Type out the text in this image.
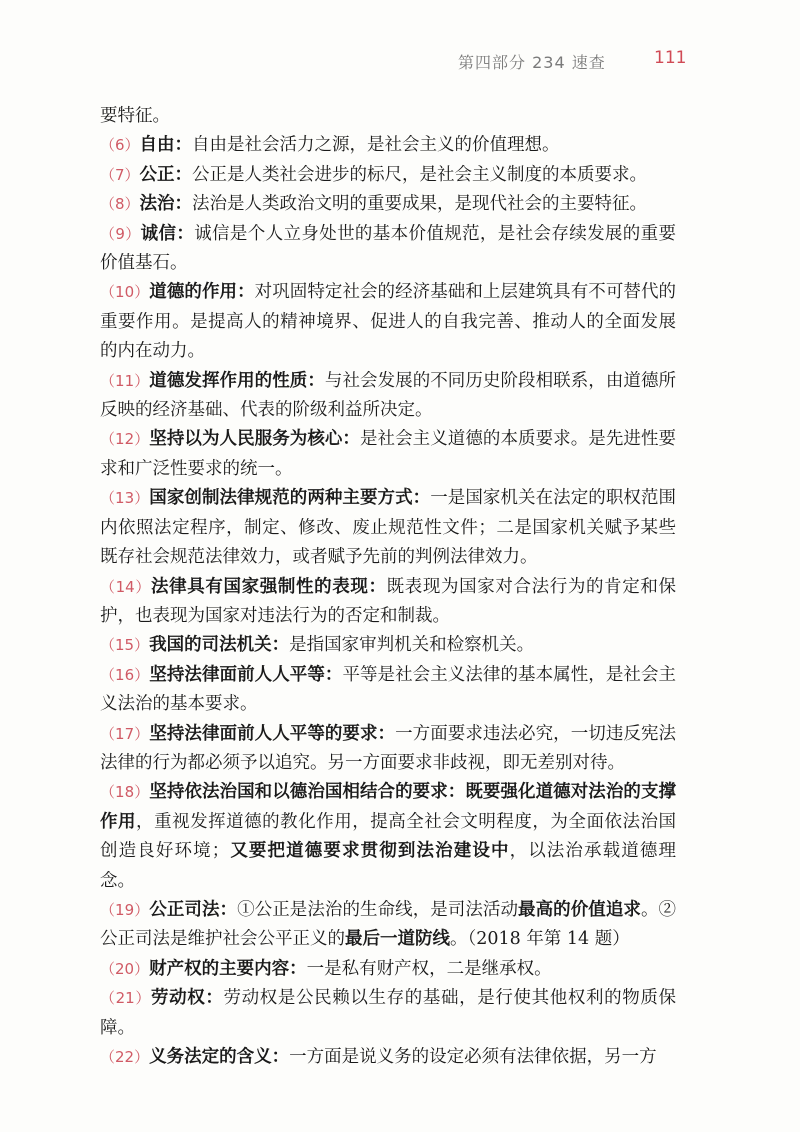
第四部分 234 速查	111

要特征。

（6）自由：自由是社会活力之源，是社会主义的价值理想。

（7）公正：公正是人类社会进步的标尺，是社会主义制度的本质要求。

（8）法治：法治是人类政治文明的重要成果，是现代社会的主要特征。

（9）诚信：诚信是个人立身处世的基本价值规范，是社会存续发展的重要价值基石。

（10）道德的作用：对巩固特定社会的经济基础和上层建筑具有不可替代的重要作用。是提高人的精神境界、促进人的自我完善、推动人的全面发展的内在动力。

（11）道德发挥作用的性质：与社会发展的不同历史阶段相联系，由道德所反映的经济基础、代表的阶级利益所决定。

（12）坚持以为人民服务为核心：是社会主义道德的本质要求。是先进性要求和广泛性要求的统一。

（13）国家创制法律规范的两种主要方式：一是国家机关在法定的职权范围内依照法定程序，制定、修改、废止规范性文件；二是国家机关赋予某些既存社会规范法律效力，或者赋予先前的判例法律效力。

（14）法律具有国家强制性的表现：既表现为国家对合法行为的肯定和保护，也表现为国家对违法行为的否定和制裁。

（15）我国的司法机关：是指国家审判机关和检察机关。

（16）坚持法律面前人人平等：平等是社会主义法律的基本属性，是社会主义法治的基本要求。

（17）坚持法律面前人人平等的要求：一方面要求违法必究，一切违反宪法法律的行为都必须予以追究。另一方面要求非歧视，即无差别对待。

（18）坚持依法治国和以德治国相结合的要求：既要强化道德对法治的支撑作用，重视发挥道德的教化作用，提高全社会文明程度，为全面依法治国创造良好环境；又要把道德要求贯彻到法治建设中，以法治承载道德理念。

（19）公正司法：①公正是法治的生命线，是司法活动最高的价值追求。②公正司法是维护社会公平正义的最后一道防线。（2018 年第 14 题）

（20）财产权的主要内容：一是私有财产权，二是继承权。

（21）劳动权：劳动权是公民赖以生存的基础，是行使其他权利的物质保障。

（22）义务法定的含义：一方面是说义务的设定必须有法律依据，另一方
